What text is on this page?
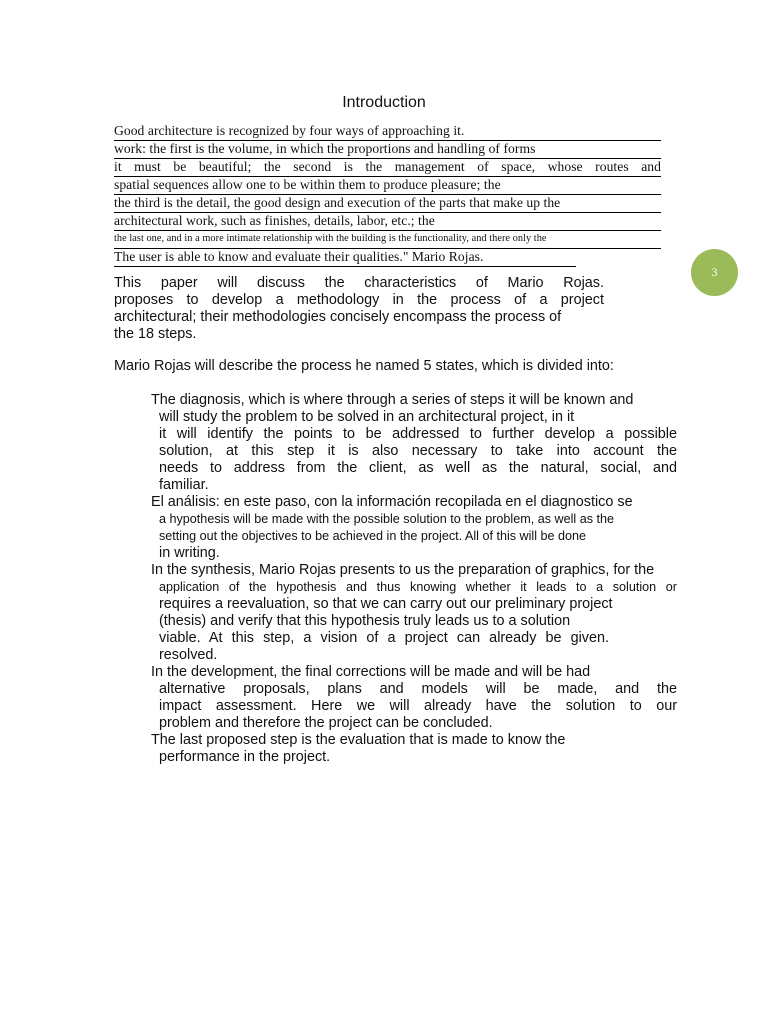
Introduction
Good architecture is recognized by four ways of approaching it.
work: the first is the volume, in which the proportions and handling of forms
it must be beautiful; the second is the management of space, whose routes and
spatial sequences allow one to be within them to produce pleasure; the
the third is the detail, the good design and execution of the parts that make up the
architectural work, such as finishes, details, labor, etc.; the
the last one, and in a more intimate relationship with the building is the functionality, and there only the
The user is able to know and evaluate their qualities." Mario Rojas.
3
This paper will discuss the characteristics of Mario Rojas.
proposes to develop a methodology in the process of a project
architectural; their methodologies concisely encompass the process of
the 18 steps.
Mario Rojas will describe the process he named 5 states, which is divided into:
The diagnosis, which is where through a series of steps it will be known and
will study the problem to be solved in an architectural project, in it
it will identify the points to be addressed to further develop a possible
solution, at this step it is also necessary to take into account the
needs to address from the client, as well as the natural, social, and
familiar.
El análisis: en este paso, con la información recopilada en el diagnostico se
a hypothesis will be made with the possible solution to the problem, as well as the
setting out the objectives to be achieved in the project. All of this will be done
in writing.
In the synthesis, Mario Rojas presents to us the preparation of graphics, for the
application of the hypothesis and thus knowing whether it leads to a solution or
requires a reevaluation, so that we can carry out our preliminary project
(thesis) and verify that this hypothesis truly leads us to a solution
viable. At this step, a vision of a project can already be given.
resolved.
In the development, the final corrections will be made and will be had
alternative proposals, plans and models will be made, and the
impact assessment. Here we will already have the solution to our
problem and therefore the project can be concluded.
The last proposed step is the evaluation that is made to know the
performance in the project.
